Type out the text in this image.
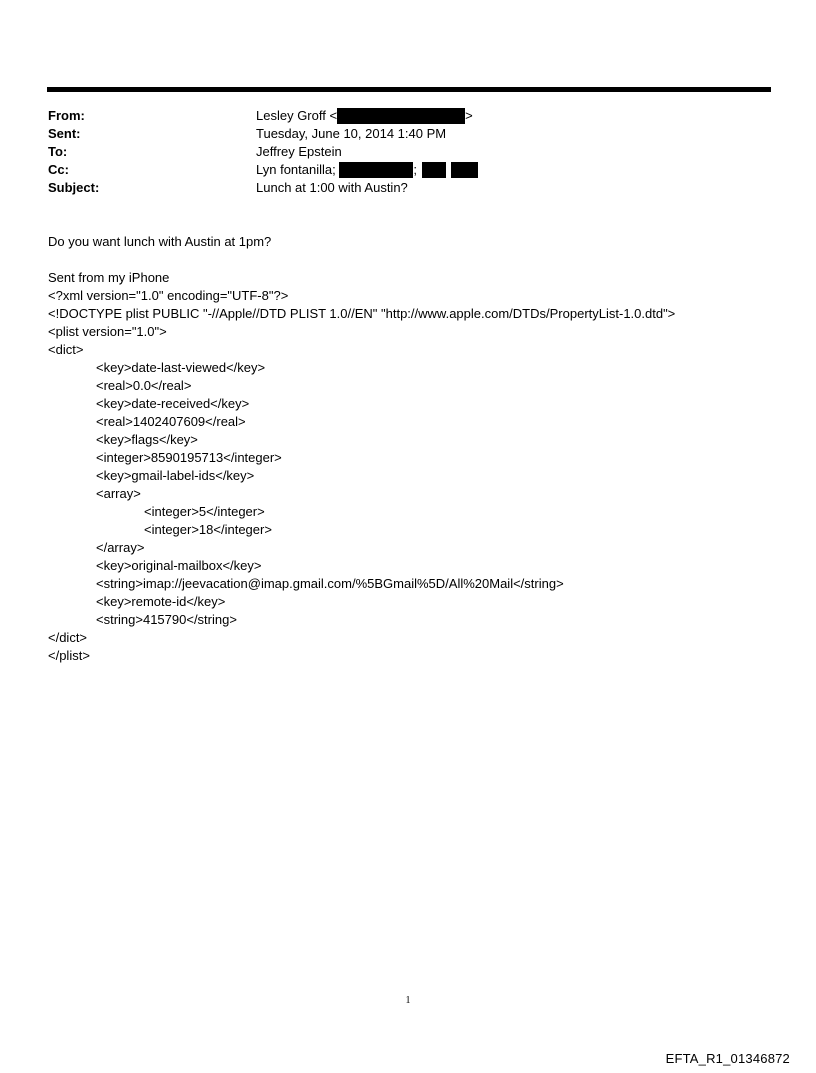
From:	Lesley Groff <	>
Sent:	Tuesday, June 10, 2014 1:40 PM
To:	Jeffrey Epstein
Cc:	Lyn fontanilla;	;
Subject:	Lunch at 1:00 with Austin?
Do you want lunch with Austin at 1pm?
Sent from my iPhone
<?xml version="1.0" encoding="UTF-8"?>
<!DOCTYPE plist PUBLIC "-//Apple//DTD PLIST 1.0//EN" "http://www.apple.com/DTDs/PropertyList-1.0.dtd">
<plist version="1.0">
<dict>
<key>date-last-viewed</key>
<real>0.0</real>
<key>date-received</key>
<real>1402407609</real>
<key>flags</key>
<integer>8590195713</integer>
<key>gmail-label-ids</key>
<array>
<integer>5</integer>
<integer>18</integer>
</array>
<key>original-mailbox</key>
<string>imap://jeevacation@imap.gmail.com/%5BGmail%5D/All%20Mail</string>
<key>remote-id</key>
<string>415790</string>
</dict>
</plist>
1
EFTA_R1_01346872
